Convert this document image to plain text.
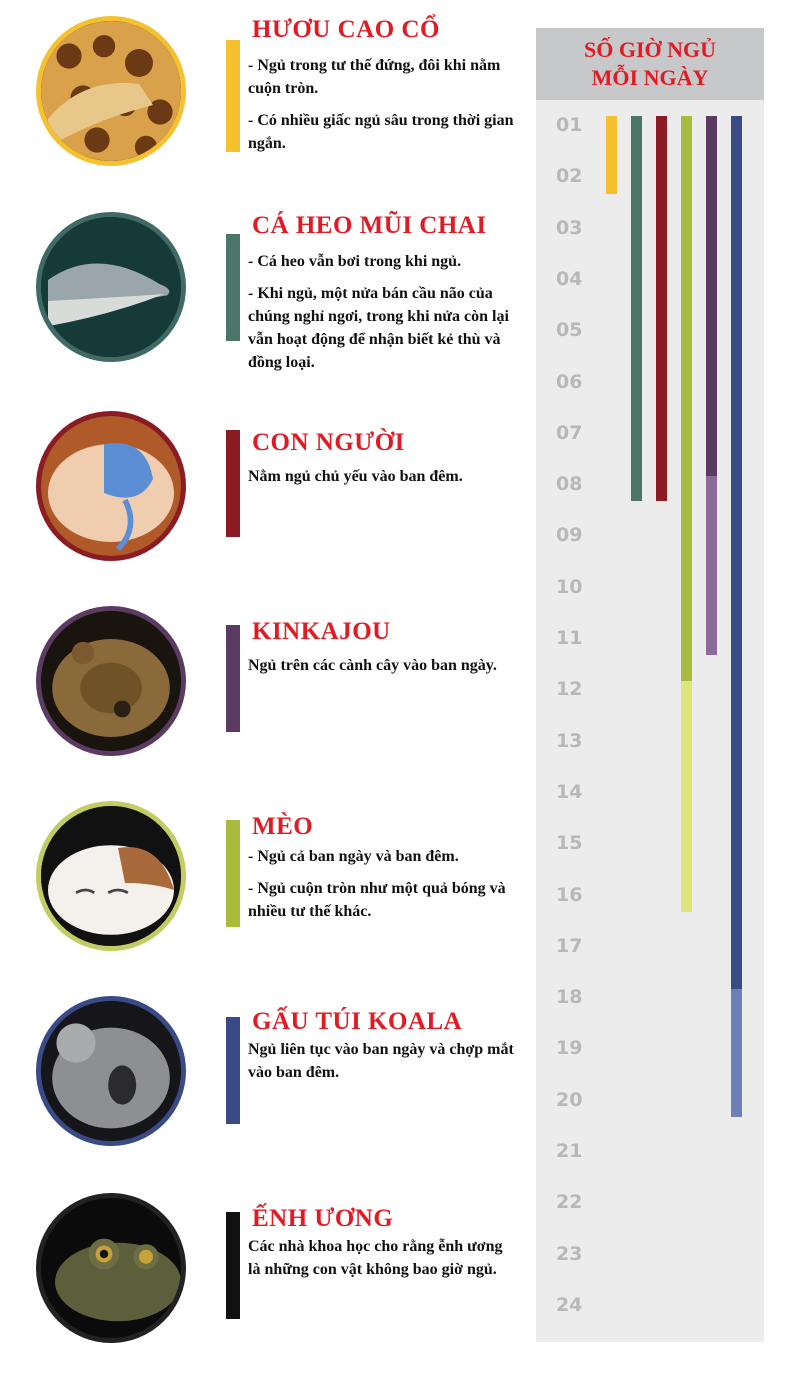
HƯƠU CAO CỔ

- Ngủ trong tư thế đứng, đôi khi nằm cuộn tròn.

- Có nhiều giấc ngủ sâu trong thời gian ngắn.

CÁ HEO MŨI CHAI

- Cá heo vẫn bơi trong khi ngủ.

- Khi ngủ, một nửa bán cầu não của chúng nghỉ ngơi, trong khi nửa còn lại vẫn hoạt động để nhận biết kẻ thù và đồng loại.

CON NGƯỜI

Nằm ngủ chủ yếu vào ban đêm.

KINKAJOU

Ngủ trên các cành cây vào ban ngày.

MÈO

- Ngủ cả ban ngày và ban đêm.

- Ngủ cuộn tròn như một quả bóng và nhiều tư thế khác.

GẤU TÚI KOALA

Ngủ liên tục vào ban ngày và chợp mắt vào ban đêm.

ẾNH ƯƠNG

Các nhà khoa học cho rằng ễnh ương là những con vật không bao giờ ngủ.

SỐ GIỜ NGỦ
MỖI NGÀY
01
02
03
04
05
06
07
08
09
10
11
12
13
14
15
16
17
18
19
20
21
22
23
24
